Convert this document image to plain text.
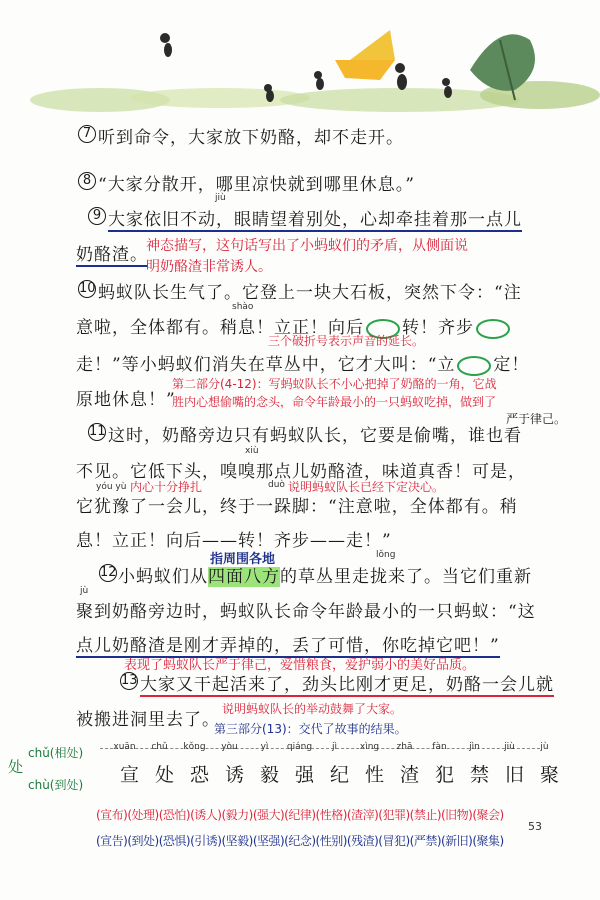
7 听到命令，大家放下奶酪，却不走开。
8 “大家分散开，哪里凉快就到哪里休息。”
jiù
9 大家依旧不动，眼睛望着别处，心却牵挂着那一点儿
奶酪渣。
神态描写，这句话写出了小蚂蚁们的矛盾，从侧面说
明奶酪渣非常诱人。
10 蚂蚁队长生气了。它登上一块大石板，突然下令：“注
shào
意啦，全体都有。稍息！立正！向后 转！齐步
三个破折号表示声音的延长。
走！”等小蚂蚁们消失在草丛中，它才大叫：“立 定！
原地休息！”
第二部分(4-12)：写蚂蚁队长不小心把掉了奶酪的一角，它战
胜内心想偷嘴的念头，命令年龄最小的一只蚂蚁吃掉，做到了
严于律己。
11 这时，奶酪旁边只有蚂蚁队长，它要是偷嘴，谁也看
xiù
不见。它低下头，嗅嗅那点儿奶酪渣，味道真香！可是，
yóu yù 内心十分挣扎	duò 说明蚂蚁队长已经下定决心。
它犹豫了一会儿，终于一跺脚：“注意啦，全体都有。稍
息！立正！向后——转！齐步——走！”
指周围各地	lǒng
12 小蚂蚁们从四面八方的草丛里走拢来了。当它们重新
jù
聚到奶酪旁边时，蚂蚁队长命令年龄最小的一只蚂蚁：“这
点儿奶酪渣是刚才弄掉的，丢了可惜，你吃掉它吧！”
表现了蚂蚁队长严于律己，爱惜粮食，爱护弱小的美好品质。
13 大家又干起活来了，劲头比刚才更足，奶酪一会儿就
被搬进洞里去了。
说明蚂蚁队长的举动鼓舞了大家。
第三部分(13)：交代了故事的结果。
处
chǔ(相处)
chù(到处)
xuān	chǔ	kǒng	yòu	yì	qiáng	jì	xìng	zhā	fàn	jìn	jiù	jù
宣 处 恐 诱 毅 强 纪 性 渣 犯 禁 旧 聚
(宣布)(处理)(恐怕)(诱人)(毅力)(强大)(纪律)(性格)(渣滓)(犯罪)(禁止)(旧物)(聚会)
(宣告)(到处)(恐惧)(引诱)(坚毅)(坚强)(纪念)(性别)(残渣)(冒犯)(严禁)(新旧)(聚集)
53
